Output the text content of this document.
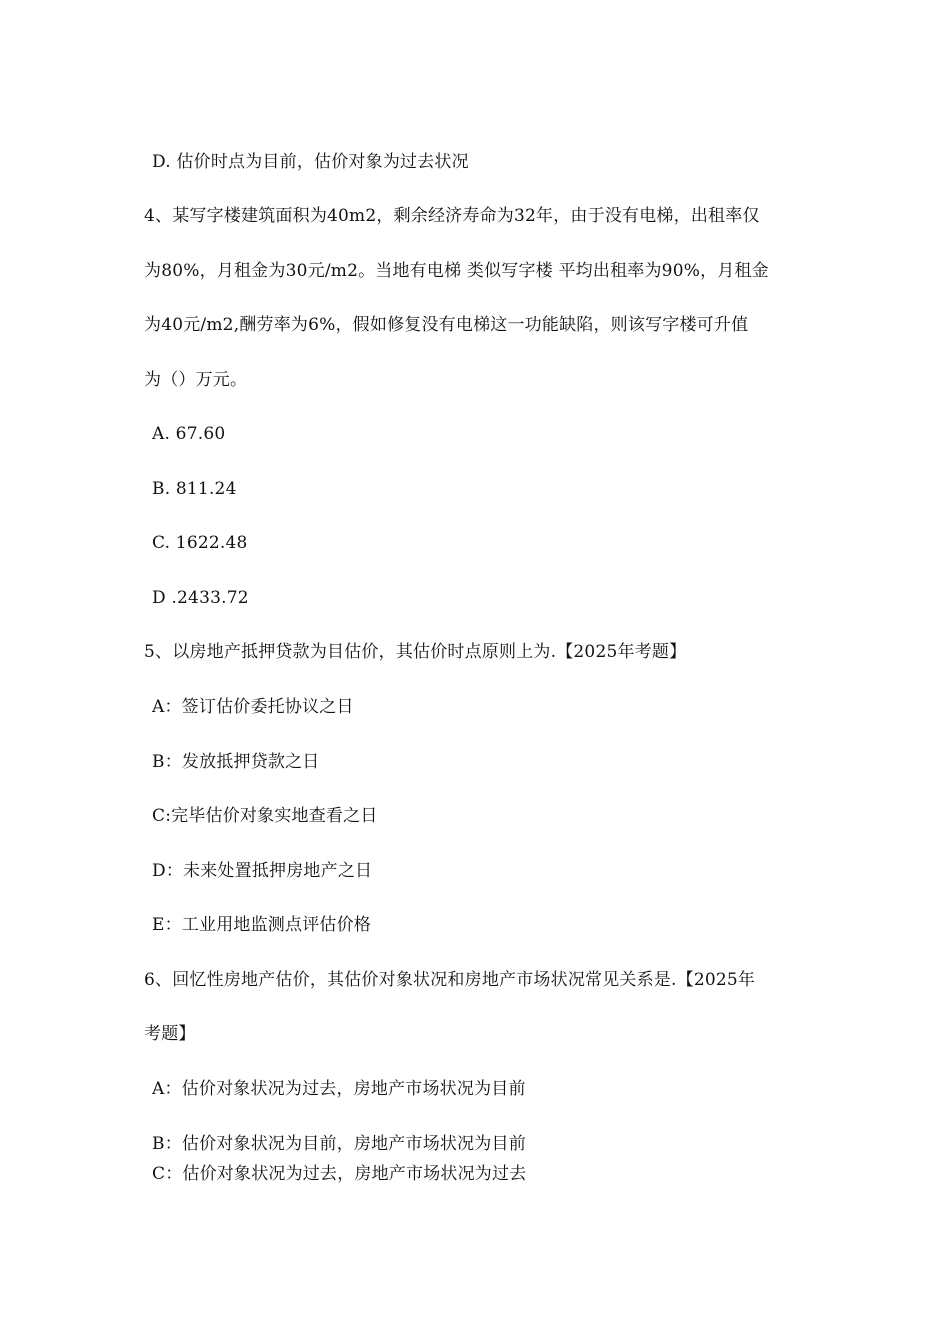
D. 估价时点为目前，估价对象为过去状况
4、某写字楼建筑面积为40m2，剩余经济寿命为32年，由于没有电梯，出租率仅
为80%，月租金为30元/m2。当地有电梯 类似写字楼 平均出租率为90%，月租金
为40元/m2,酬劳率为6%，假如修复没有电梯这一功能缺陷，则该写字楼可升值
为（）万元。
A. 67.60
B. 811.24
C. 1622.48
D .2433.72
5、以房地产抵押贷款为目估价，其估价时点原则上为.【2025年考题】
A：签订估价委托协议之日
B：发放抵押贷款之日
C:完毕估价对象实地查看之日
D：未来处置抵押房地产之日
E：工业用地监测点评估价格
6、回忆性房地产估价，其估价对象状况和房地产市场状况常见关系是.【2025年
考题】
A：估价对象状况为过去，房地产市场状况为目前
B：估价对象状况为目前，房地产市场状况为目前
C：估价对象状况为过去，房地产市场状况为过去
